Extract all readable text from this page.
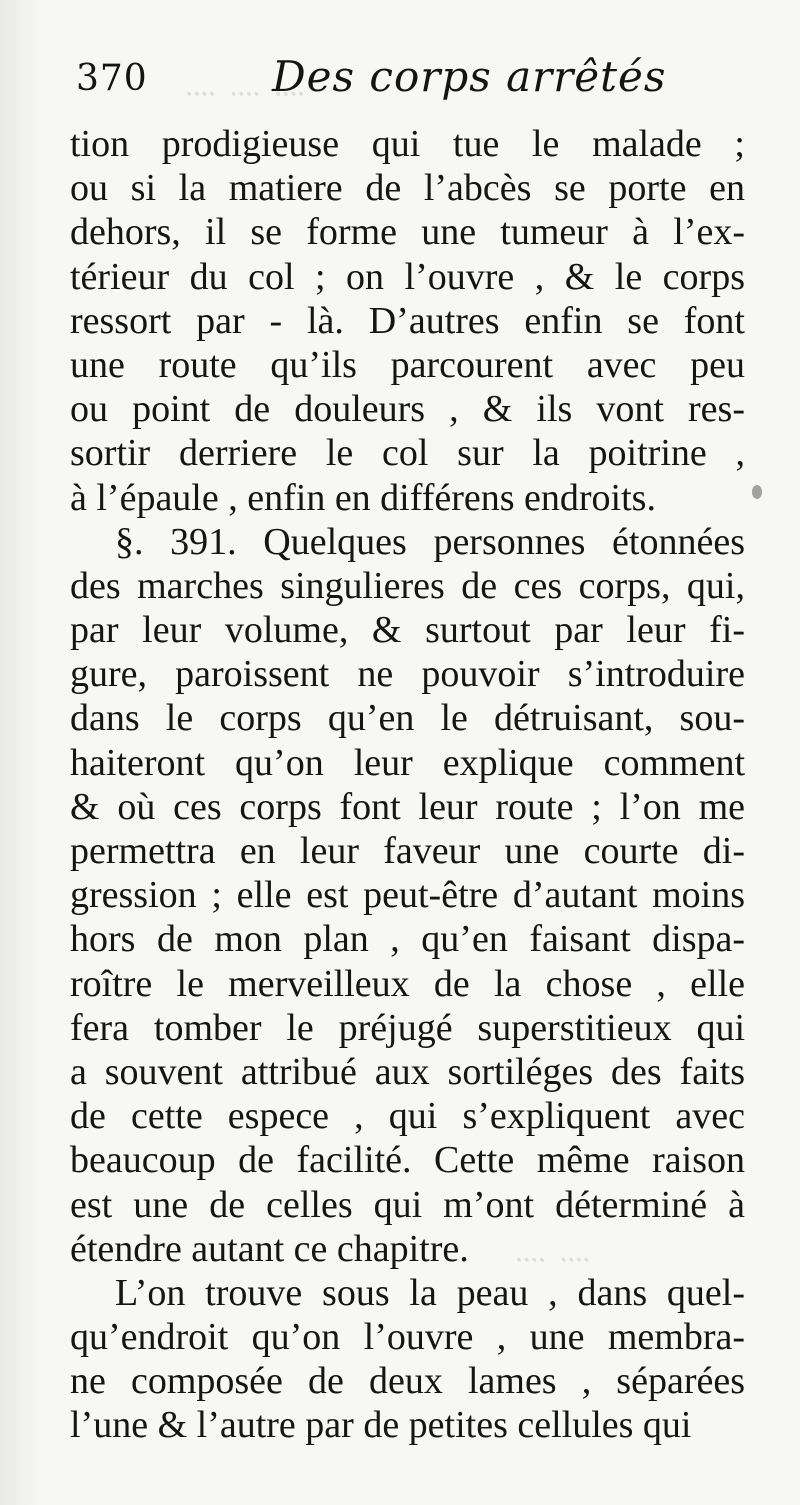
᠁ ᠁ ᠁
᠁ ᠁
370	Des corps arrêtés
tion prodigieuse qui tue le malade ;
ou si la matiere de l’abcès se porte en
dehors, il se forme une tumeur à l’ex-
térieur du col ; on l’ouvre , & le corps
ressort par - là. D’autres enfin se font
une route qu’ils parcourent avec peu
ou point de douleurs , & ils vont res-
sortir derriere le col sur la poitrine ,
à l’épaule , enfin en différens endroits.
§. 391. Quelques personnes étonnées
des marches singulieres de ces corps, qui,
par leur volume, & surtout par leur fi-
gure, paroissent ne pouvoir s’introduire
dans le corps qu’en le détruisant, sou-
haiteront qu’on leur explique comment
& où ces corps font leur route ; l’on me
permettra en leur faveur une courte di-
gression ; elle est peut-être d’autant moins
hors de mon plan , qu’en faisant dispa-
roître le merveilleux de la chose , elle
fera tomber le préjugé superstitieux qui
a souvent attribué aux sortiléges des faits
de cette espece , qui s’expliquent avec
beaucoup de facilité. Cette même raison
est une de celles qui m’ont déterminé à
étendre autant ce chapitre.
L’on trouve sous la peau , dans quel-
qu’endroit qu’on l’ouvre , une membra-
ne composée de deux lames , séparées
l’une & l’autre par de petites cellules qui
